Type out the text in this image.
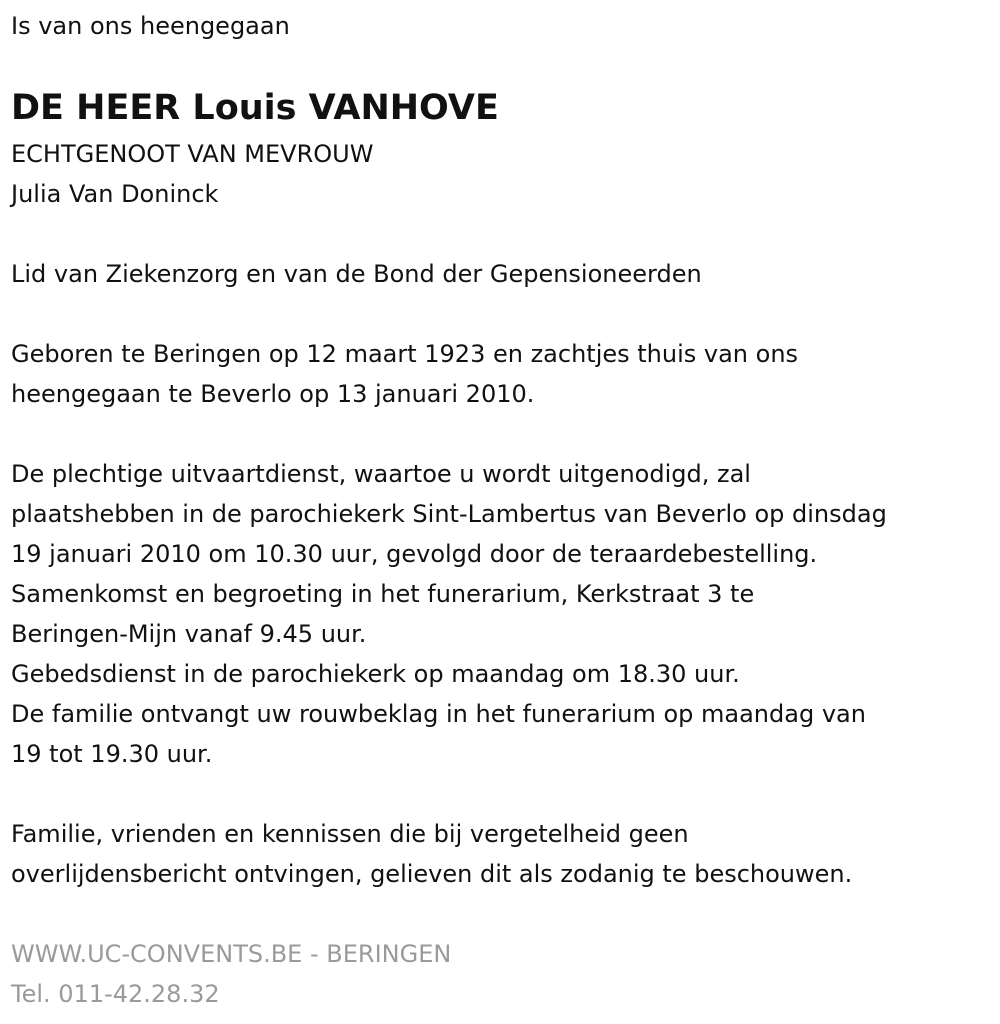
Is van ons heengegaan
DE HEER Louis VANHOVE
ECHTGENOOT VAN MEVROUW
Julia Van Doninck
Lid van Ziekenzorg en van de Bond der Gepensioneerden
Geboren te Beringen op 12 maart 1923 en zachtjes thuis van ons
heengegaan te Beverlo op 13 januari 2010.
De plechtige uitvaartdienst, waartoe u wordt uitgenodigd, zal
plaatshebben in de parochiekerk Sint-Lambertus van Beverlo op dinsdag
19 januari 2010 om 10.30 uur, gevolgd door de teraardebestelling.
Samenkomst en begroeting in het funerarium, Kerkstraat 3 te
Beringen-Mijn vanaf 9.45 uur.
Gebedsdienst in de parochiekerk op maandag om 18.30 uur.
De familie ontvangt uw rouwbeklag in het funerarium op maandag van
19 tot 19.30 uur.
Familie, vrienden en kennissen die bij vergetelheid geen
overlijdensbericht ontvingen, gelieven dit als zodanig te beschouwen.
WWW.UC-CONVENTS.BE - BERINGEN
Tel. 011-42.28.32
